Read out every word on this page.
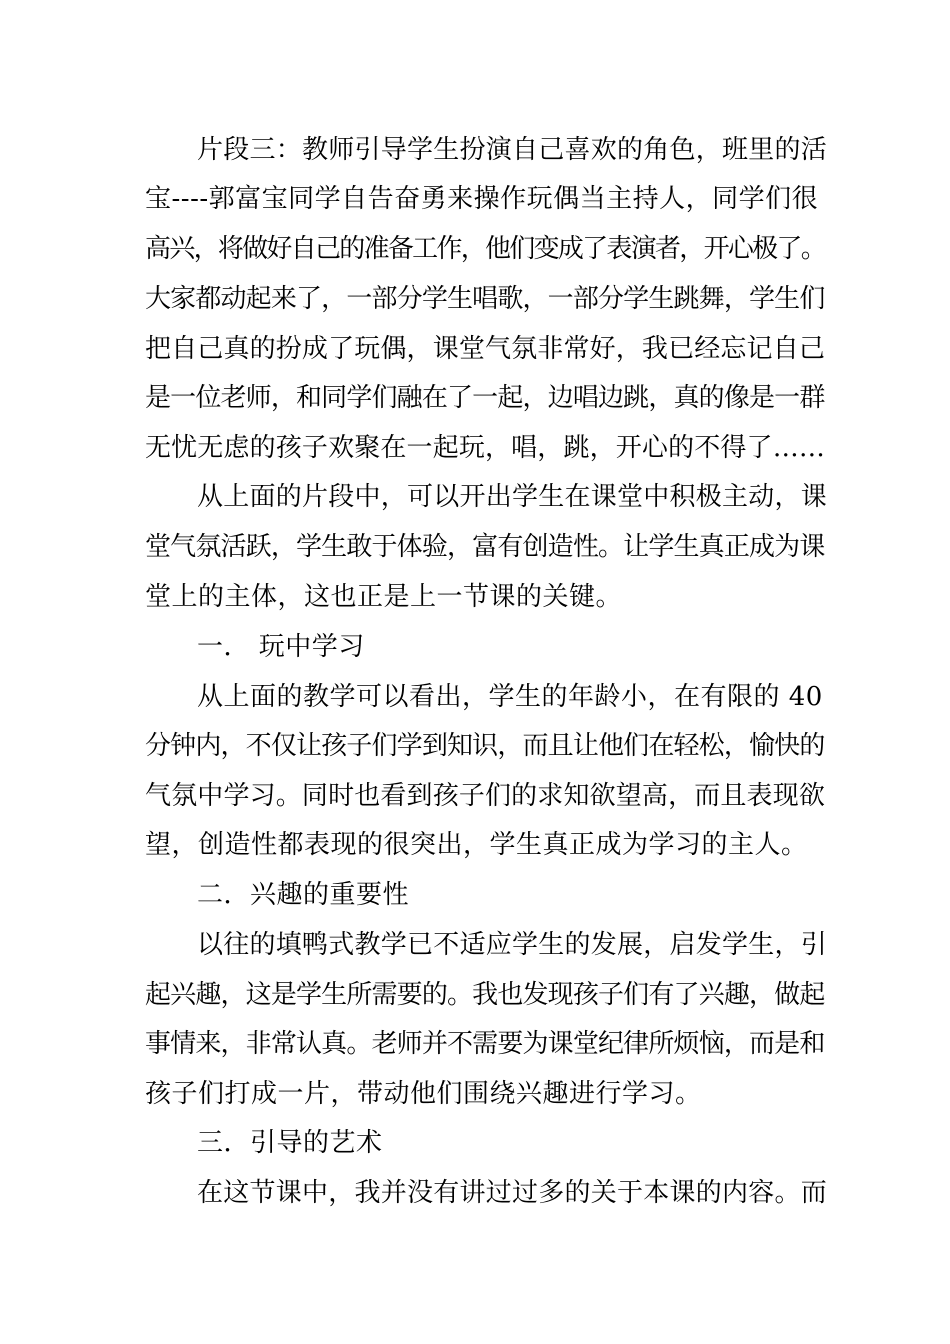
片段三：教师引导学生扮演自己喜欢的角色，班里的活
宝----郭富宝同学自告奋勇来操作玩偶当主持人，同学们很
高兴，将做好自己的准备工作，他们变成了表演者，开心极了。
大家都动起来了，一部分学生唱歌，一部分学生跳舞，学生们
把自己真的扮成了玩偶，课堂气氛非常好，我已经忘记自己
是一位老师，和同学们融在了一起，边唱边跳，真的像是一群
无忧无虑的孩子欢聚在一起玩，唱，跳，开心的不得了……
从上面的片段中，可以开出学生在课堂中积极主动，课
堂气氛活跃，学生敢于体验，富有创造性。让学生真正成为课
堂上的主体，这也正是上一节课的关键。
一． 玩中学习
从上面的教学可以看出，学生的年龄小，在有限的 40
分钟内，不仅让孩子们学到知识，而且让他们在轻松，愉快的
气氛中学习。同时也看到孩子们的求知欲望高，而且表现欲
望，创造性都表现的很突出，学生真正成为学习的主人。
二．兴趣的重要性
以往的填鸭式教学已不适应学生的发展，启发学生，引
起兴趣，这是学生所需要的。我也发现孩子们有了兴趣，做起
事情来，非常认真。老师并不需要为课堂纪律所烦恼，而是和
孩子们打成一片，带动他们围绕兴趣进行学习。
三．引导的艺术
在这节课中，我并没有讲过过多的关于本课的内容。而
